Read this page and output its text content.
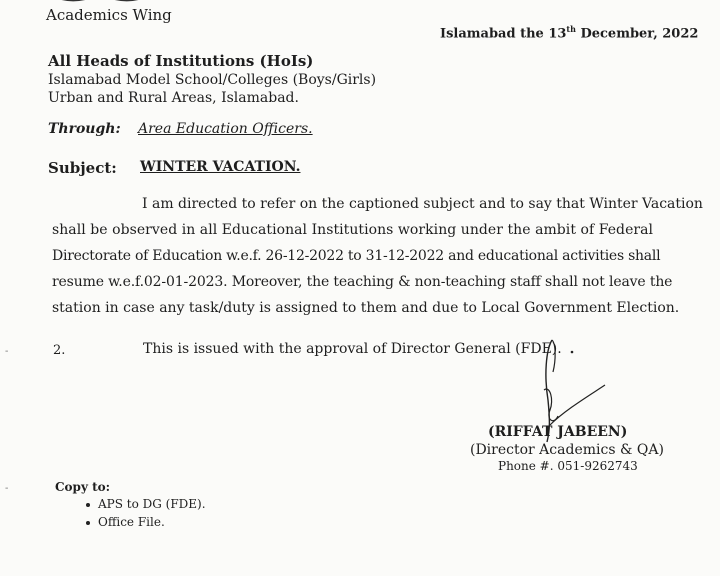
Academics Wing
Islamabad the 13th December, 2022
All Heads of Institutions (HoIs)
Islamabad Model School/Colleges (Boys/Girls)
Urban and Rural Areas, Islamabad.
Through: Area Education Officers.
Subject: WINTER VACATION.
I am directed to refer on the captioned subject and to say that Winter Vacation
shall be observed in all Educational Institutions working under the ambit of Federal
Directorate of Education w.e.f. 26-12-2022 to 31-12-2022 and educational activities shall
resume w.e.f.02-01-2023. Moreover, the teaching & non-teaching staff shall not leave the
station in case any task/duty is assigned to them and due to Local Government Election.
-	2.	This is issued with the approval of Director General (FDE).
(RIFFAT JABEEN)
(Director Academics & QA)
Phone #. 051-9262743
-	Copy to:
APS to DG (FDE).
Office File.
